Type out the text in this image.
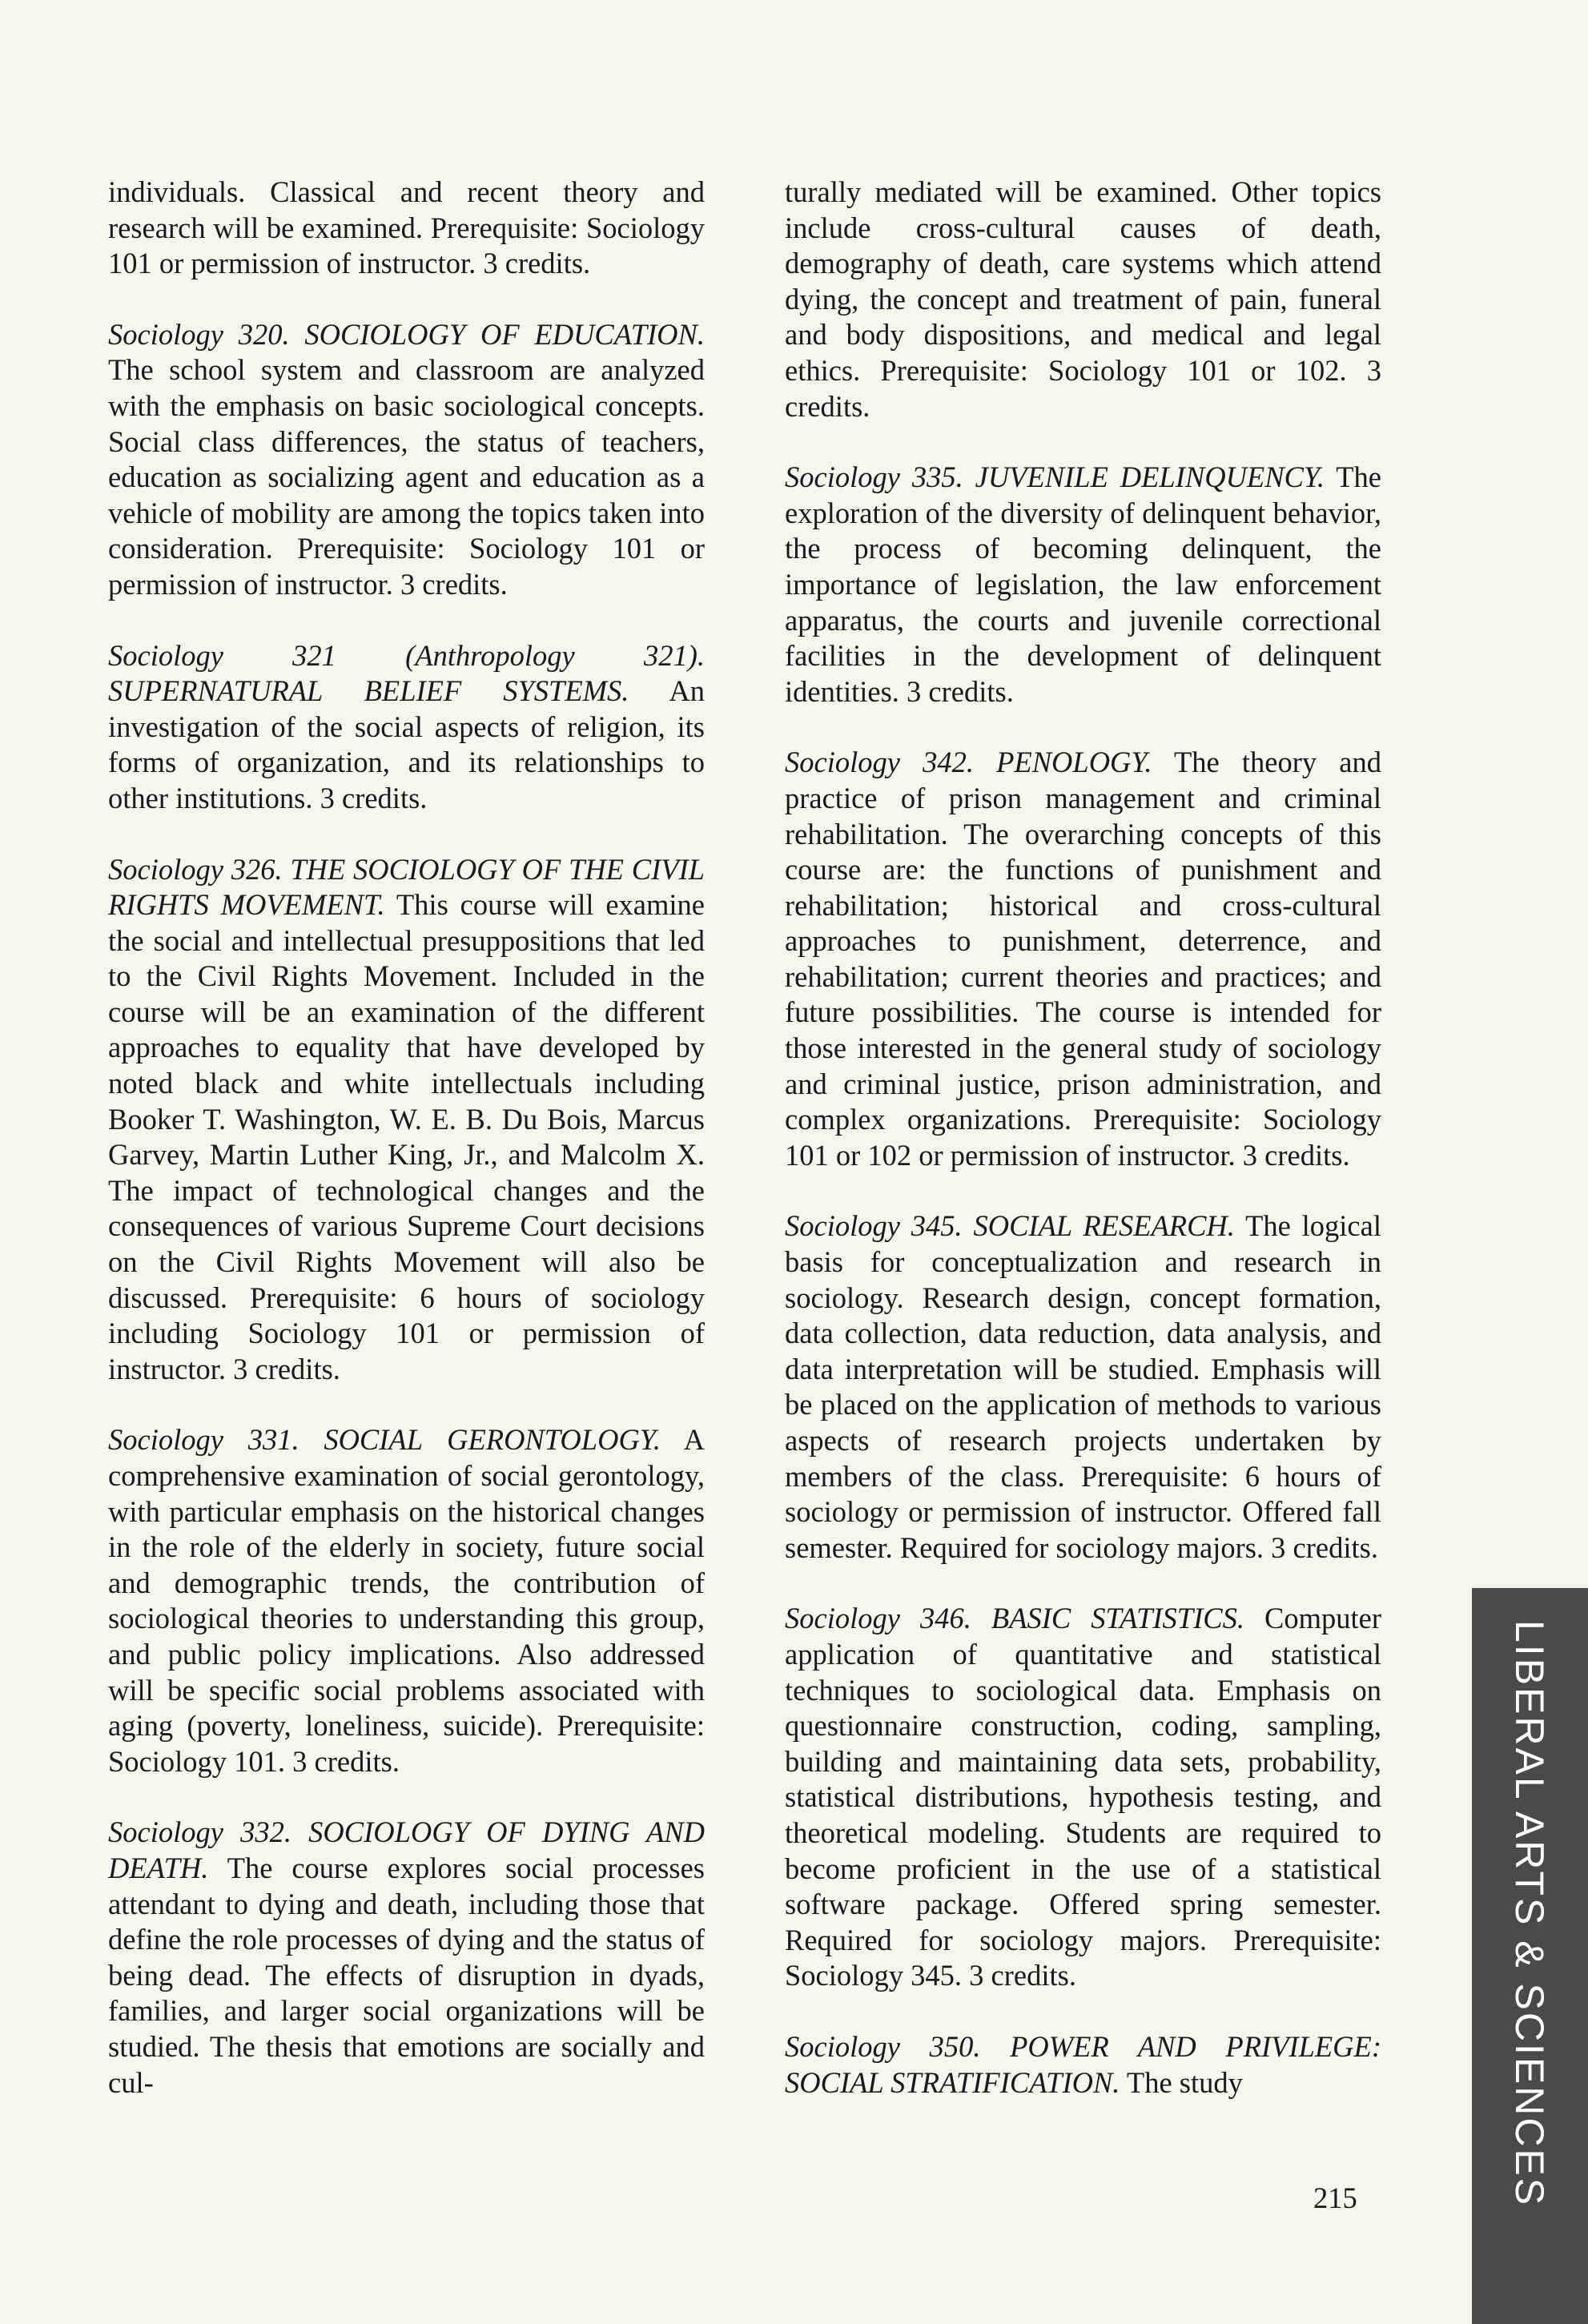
individuals. Classical and recent theory and research will be examined. Prerequisite: Sociology 101 or permission of instructor. 3 credits.

Sociology 320. SOCIOLOGY OF EDUCATION. The school system and classroom are analyzed with the emphasis on basic sociological concepts. Social class differences, the status of teachers, education as socializing agent and education as a vehicle of mobility are among the topics taken into consideration. Prerequisite: Sociology 101 or permission of instructor. 3 credits.

Sociology 321 (Anthropology 321). SUPERNATURAL BELIEF SYSTEMS. An investigation of the social aspects of religion, its forms of organization, and its relationships to other institutions. 3 credits.

Sociology 326. THE SOCIOLOGY OF THE CIVIL RIGHTS MOVEMENT. This course will examine the social and intellectual presuppositions that led to the Civil Rights Movement. Included in the course will be an examination of the different approaches to equality that have developed by noted black and white intellectuals including Booker T. Washington, W. E. B. Du Bois, Marcus Garvey, Martin Luther King, Jr., and Malcolm X. The impact of technological changes and the consequences of various Supreme Court decisions on the Civil Rights Movement will also be discussed. Prerequisite: 6 hours of sociology including Sociology 101 or permission of instructor. 3 credits.

Sociology 331. SOCIAL GERONTOLOGY. A comprehensive examination of social gerontology, with particular emphasis on the historical changes in the role of the elderly in society, future social and demographic trends, the contribution of sociological theories to understanding this group, and public policy implications. Also addressed will be specific social problems associated with aging (poverty, loneliness, suicide). Prerequisite: Sociology 101. 3 credits.

Sociology 332. SOCIOLOGY OF DYING AND DEATH. The course explores social processes attendant to dying and death, including those that define the role processes of dying and the status of being dead. The effects of disruption in dyads, families, and larger social organizations will be studied. The thesis that emotions are socially and cul-

turally mediated will be examined. Other topics include cross-cultural causes of death, demography of death, care systems which attend dying, the concept and treatment of pain, funeral and body dispositions, and medical and legal ethics. Prerequisite: Sociology 101 or 102. 3 credits.

Sociology 335. JUVENILE DELINQUENCY. The exploration of the diversity of delinquent behavior, the process of becoming delinquent, the importance of legislation, the law enforcement apparatus, the courts and juvenile correctional facilities in the development of delinquent identities. 3 credits.

Sociology 342. PENOLOGY. The theory and practice of prison management and criminal rehabilitation. The overarching concepts of this course are: the functions of punishment and rehabilitation; historical and cross-cultural approaches to punishment, deterrence, and rehabilitation; current theories and practices; and future possibilities. The course is intended for those interested in the general study of sociology and criminal justice, prison administration, and complex organizations. Prerequisite: Sociology 101 or 102 or permission of instructor. 3 credits.

Sociology 345. SOCIAL RESEARCH. The logical basis for conceptualization and research in sociology. Research design, concept formation, data collection, data reduction, data analysis, and data interpretation will be studied. Emphasis will be placed on the application of methods to various aspects of research projects undertaken by members of the class. Prerequisite: 6 hours of sociology or permission of instructor. Offered fall semester. Required for sociology majors. 3 credits.

Sociology 346. BASIC STATISTICS. Computer application of quantitative and statistical techniques to sociological data. Emphasis on questionnaire construction, coding, sampling, building and maintaining data sets, probability, statistical distributions, hypothesis testing, and theoretical modeling. Students are required to become proficient in the use of a statistical software package. Offered spring semester. Required for sociology majors. Prerequisite: Sociology 345. 3 credits.

Sociology 350. POWER AND PRIVILEGE: SOCIAL STRATIFICATION. The study

215	LIBERAL ARTS & SCIENCES
